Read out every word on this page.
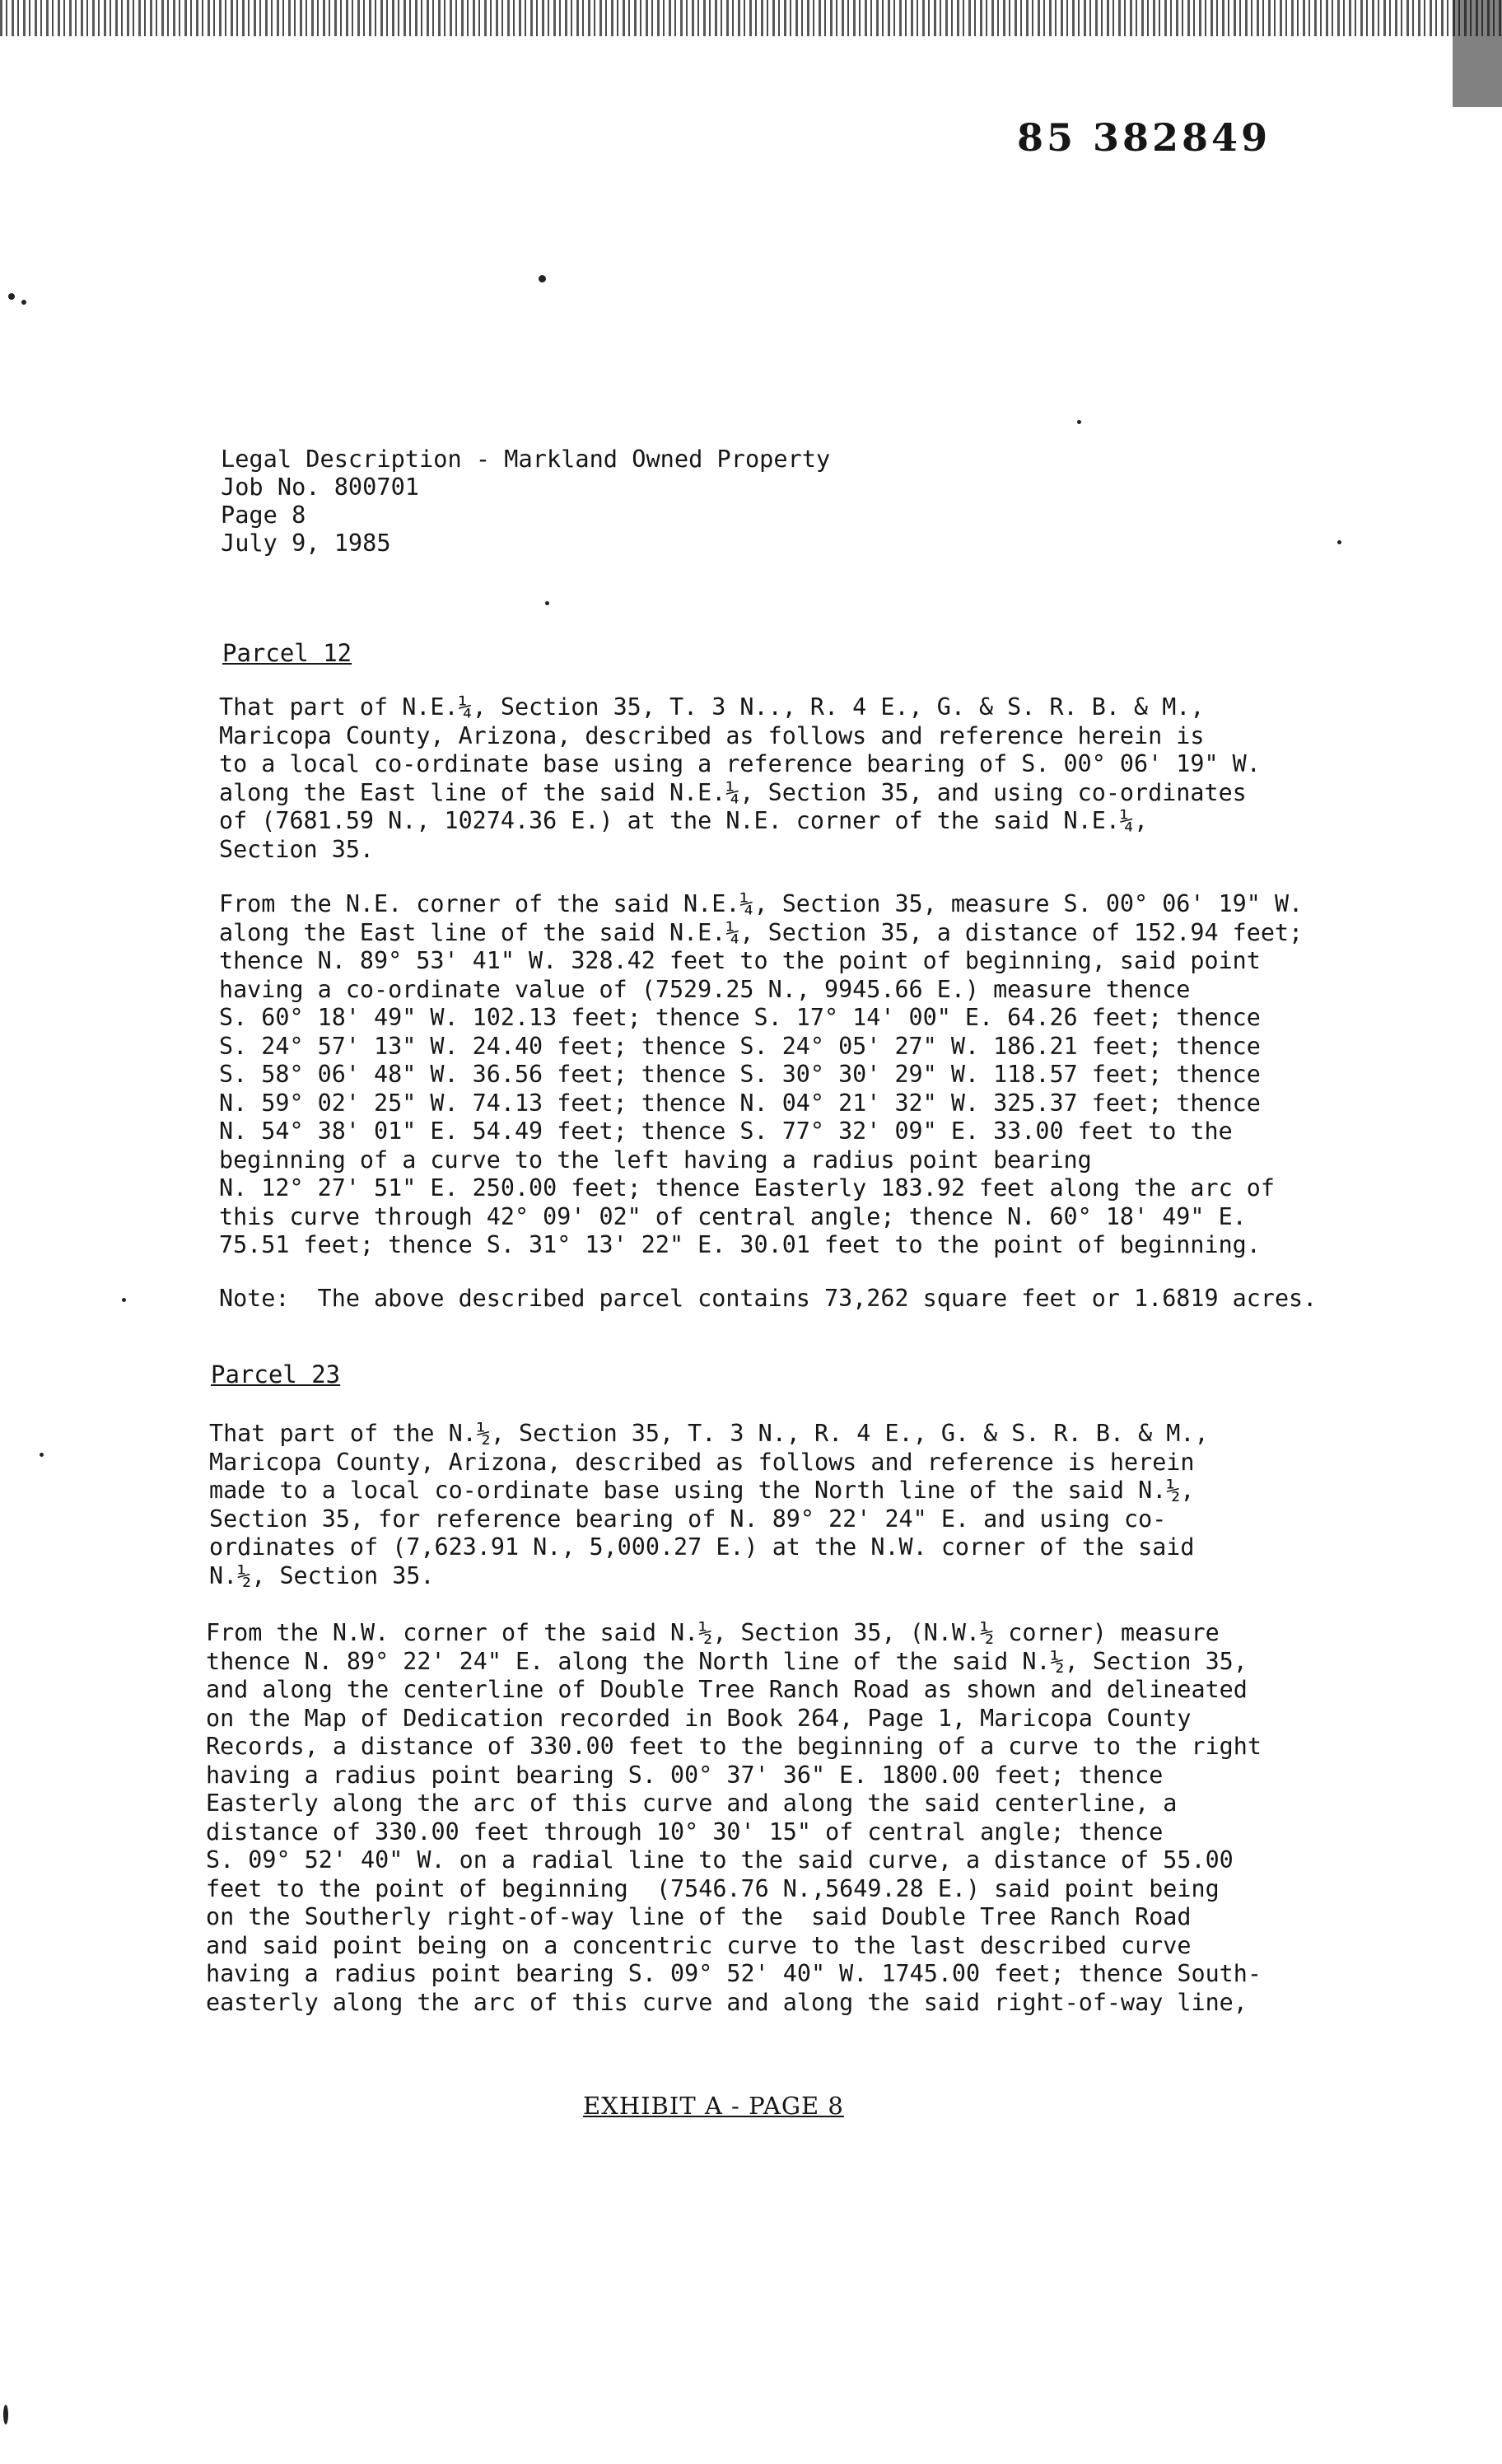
85 382849
Legal Description - Markland Owned Property
Job No. 800701
Page 8
July 9, 1985
Parcel 12
That part of N.E.¼, Section 35, T. 3 N.., R. 4 E., G. & S. R. B. & M.,
Maricopa County, Arizona, described as follows and reference herein is
to a local co-ordinate base using a reference bearing of S. 00° 06' 19" W.
along the East line of the said N.E.¼, Section 35, and using co-ordinates
of (7681.59 N., 10274.36 E.) at the N.E. corner of the said N.E.¼,
Section 35.
From the N.E. corner of the said N.E.¼, Section 35, measure S. 00° 06' 19" W.
along the East line of the said N.E.¼, Section 35, a distance of 152.94 feet;
thence N. 89° 53' 41" W. 328.42 feet to the point of beginning, said point
having a co-ordinate value of (7529.25 N., 9945.66 E.) measure thence
S. 60° 18' 49" W. 102.13 feet; thence S. 17° 14' 00" E. 64.26 feet; thence
S. 24° 57' 13" W. 24.40 feet; thence S. 24° 05' 27" W. 186.21 feet; thence
S. 58° 06' 48" W. 36.56 feet; thence S. 30° 30' 29" W. 118.57 feet; thence
N. 59° 02' 25" W. 74.13 feet; thence N. 04° 21' 32" W. 325.37 feet; thence
N. 54° 38' 01" E. 54.49 feet; thence S. 77° 32' 09" E. 33.00 feet to the
beginning of a curve to the left having a radius point bearing
N. 12° 27' 51" E. 250.00 feet; thence Easterly 183.92 feet along the arc of
this curve through 42° 09' 02" of central angle; thence N. 60° 18' 49" E.
75.51 feet; thence S. 31° 13' 22" E. 30.01 feet to the point of beginning.
Note:  The above described parcel contains 73,262 square feet or 1.6819 acres.
Parcel 23
That part of the N.½, Section 35, T. 3 N., R. 4 E., G. & S. R. B. & M.,
Maricopa County, Arizona, described as follows and reference is herein
made to a local co-ordinate base using the North line of the said N.½,
Section 35, for reference bearing of N. 89° 22' 24" E. and using co-
ordinates of (7,623.91 N., 5,000.27 E.) at the N.W. corner of the said
N.½, Section 35.
From the N.W. corner of the said N.½, Section 35, (N.W.½ corner) measure
thence N. 89° 22' 24" E. along the North line of the said N.½, Section 35,
and along the centerline of Double Tree Ranch Road as shown and delineated
on the Map of Dedication recorded in Book 264, Page 1, Maricopa County
Records, a distance of 330.00 feet to the beginning of a curve to the right
having a radius point bearing S. 00° 37' 36" E. 1800.00 feet; thence
Easterly along the arc of this curve and along the said centerline, a
distance of 330.00 feet through 10° 30' 15" of central angle; thence
S. 09° 52' 40" W. on a radial line to the said curve, a distance of 55.00
feet to the point of beginning  (7546.76 N.,5649.28 E.) said point being
on the Southerly right-of-way line of the  said Double Tree Ranch Road
and said point being on a concentric curve to the last described curve
having a radius point bearing S. 09° 52' 40" W. 1745.00 feet; thence South-
easterly along the arc of this curve and along the said right-of-way line,
EXHIBIT A - PAGE 8
